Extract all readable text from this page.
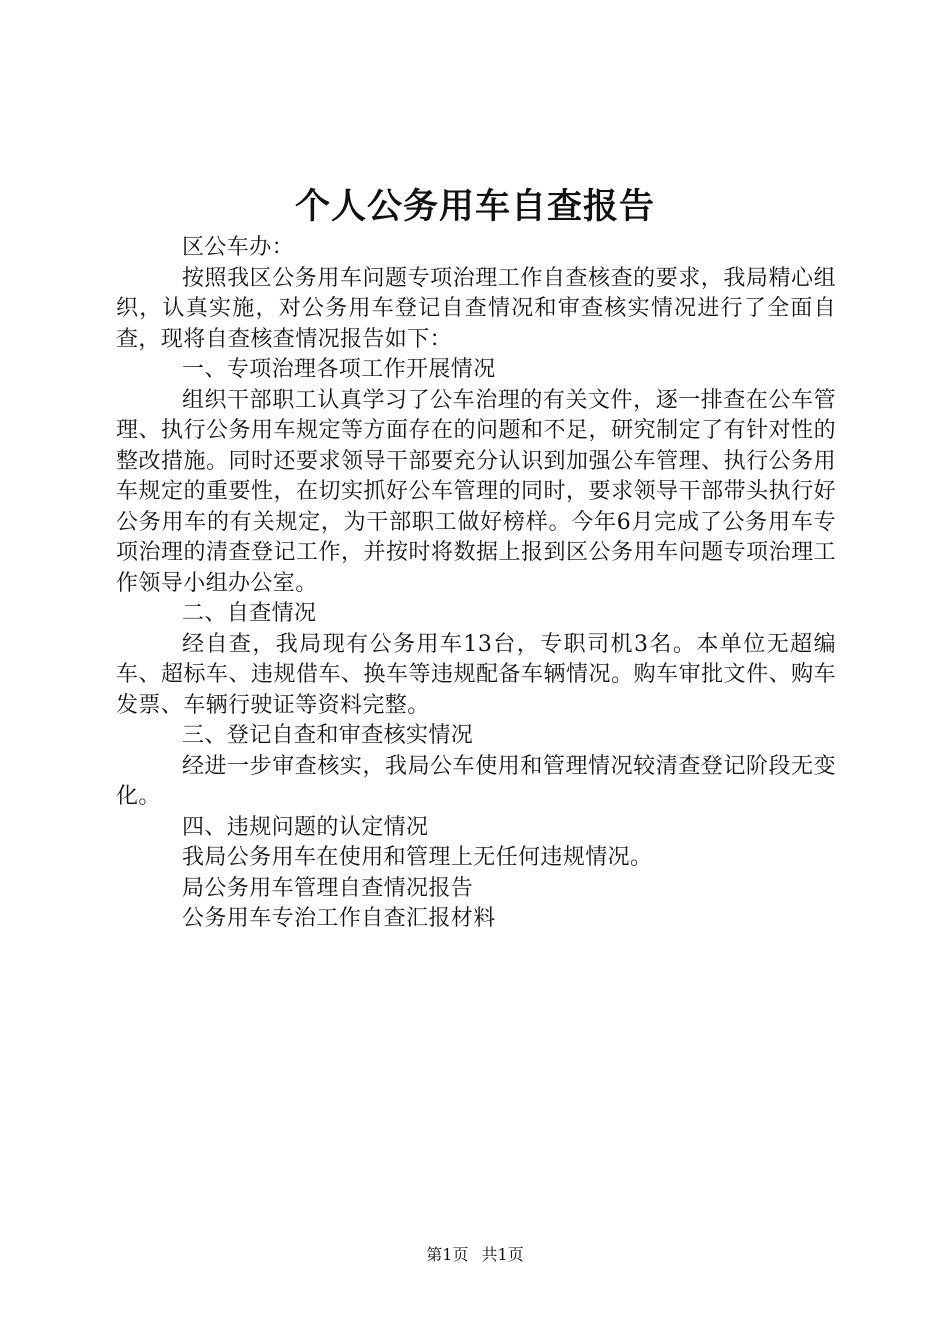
个人公务用车自查报告

区公车办：

按照我区公务用车问题专项治理工作自查核查的要求，我局精心组织，认真实施，对公务用车登记自查情况和审查核实情况进行了全面自查，现将自查核查情况报告如下：

一、专项治理各项工作开展情况

组织干部职工认真学习了公车治理的有关文件，逐一排查在公车管理、执行公务用车规定等方面存在的问题和不足，研究制定了有针对性的整改措施。同时还要求领导干部要充分认识到加强公车管理、执行公务用车规定的重要性，在切实抓好公车管理的同时，要求领导干部带头执行好公务用车的有关规定，为干部职工做好榜样。今年6月完成了公务用车专项治理的清查登记工作，并按时将数据上报到区公务用车问题专项治理工作领导小组办公室。

二、自查情况

经自查，我局现有公务用车13台，专职司机3名。本单位无超编车、超标车、违规借车、换车等违规配备车辆情况。购车审批文件、购车发票、车辆行驶证等资料完整。

三、登记自查和审查核实情况

经进一步审查核实，我局公车使用和管理情况较清查登记阶段无变化。

四、违规问题的认定情况

我局公务用车在使用和管理上无任何违规情况。

局公务用车管理自查情况报告

公务用车专治工作自查汇报材料

第1页 共1页
